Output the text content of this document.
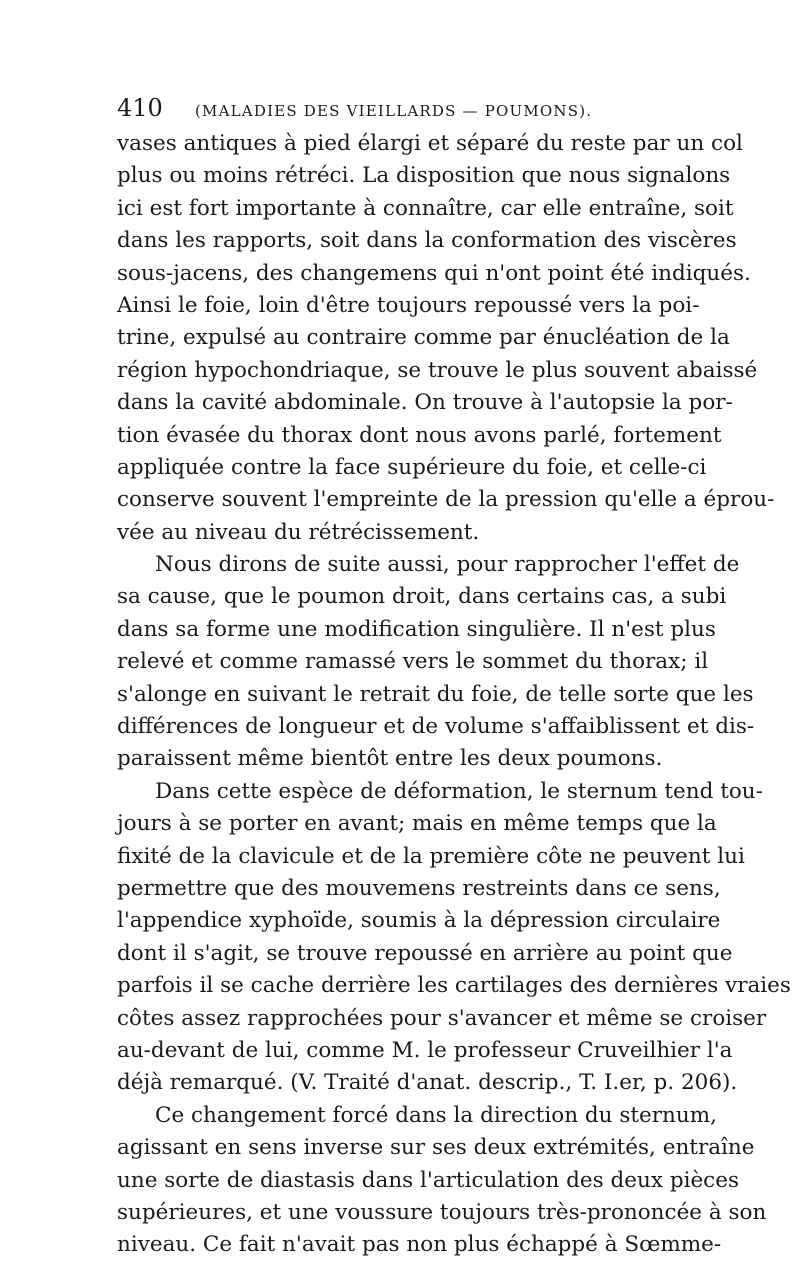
410	(MALADIES DES VIEILLARDS — POUMONS).
vases antiques à pied élargi et séparé du reste par un col
plus ou moins rétréci. La disposition que nous signalons
ici est fort importante à connaître, car elle entraîne, soit
dans les rapports, soit dans la conformation des viscères
sous-jacens, des changemens qui n'ont point été indiqués.
Ainsi le foie, loin d'être toujours repoussé vers la poi-
trine, expulsé au contraire comme par énucléation de la
région hypochondriaque, se trouve le plus souvent abaissé
dans la cavité abdominale. On trouve à l'autopsie la por-
tion évasée du thorax dont nous avons parlé, fortement
appliquée contre la face supérieure du foie, et celle-ci
conserve souvent l'empreinte de la pression qu'elle a éprou-
vée au niveau du rétrécissement.
Nous dirons de suite aussi, pour rapprocher l'effet de
sa cause, que le poumon droit, dans certains cas, a subi
dans sa forme une modification singulière. Il n'est plus
relevé et comme ramassé vers le sommet du thorax; il
s'alonge en suivant le retrait du foie, de telle sorte que les
différences de longueur et de volume s'affaiblissent et dis-
paraissent même bientôt entre les deux poumons.
Dans cette espèce de déformation, le sternum tend tou-
jours à se porter en avant; mais en même temps que la
fixité de la clavicule et de la première côte ne peuvent lui
permettre que des mouvemens restreints dans ce sens,
l'appendice xyphoïde, soumis à la dépression circulaire
dont il s'agit, se trouve repoussé en arrière au point que
parfois il se cache derrière les cartilages des dernières vraies
côtes assez rapprochées pour s'avancer et même se croiser
au-devant de lui, comme M. le professeur Cruveilhier l'a
déjà remarqué. (V. Traité d'anat. descrip., T. I.er, p. 206).
Ce changement forcé dans la direction du sternum,
agissant en sens inverse sur ses deux extrémités, entraîne
une sorte de diastasis dans l'articulation des deux pièces
supérieures, et une voussure toujours très-prononcée à son
niveau. Ce fait n'avait pas non plus échappé à Sœmme-
